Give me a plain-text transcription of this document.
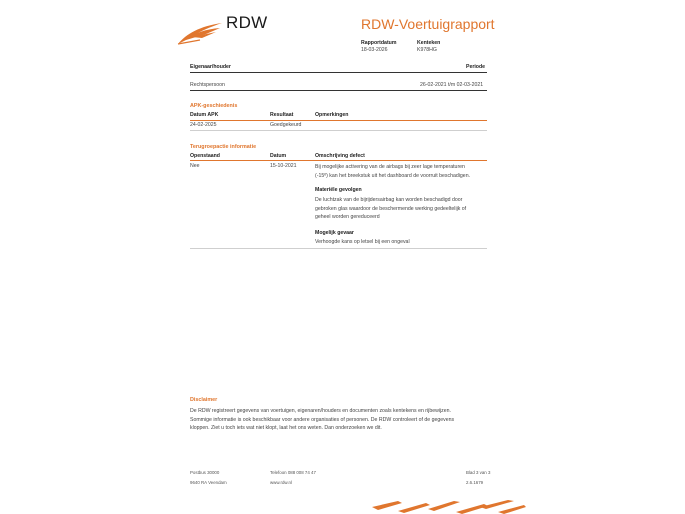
RDW	RDW-Voertuigrapport
Rapportdatum
18-03-2026
Kenteken
K978HG
Eigenaar/houder	Periode
Rechtspersoon	26-02-2021 t/m 02-03-2021
APK-geschiedenis
Datum APK	Resultaat	Opmerkingen
24-02-2025	Goedgekeurd
Terugroepactie informatie
Openstaand	Datum	Omschrijving defect
Nee	15-10-2021	Bij mogelijke activering van de airbags bij zeer lage temperaturen
(-15º) kan het breekstuk uit het dashboard de voorruit beschadigen.
Materiële gevolgen
De luchtzak van de bijrijdersairbag kan worden beschadigd door
gebroken glas waardoor de beschermende werking gedeeltelijk of
geheel worden gereduceerd
Mogelijk gevaar
Verhoogde kans op letsel bij een ongeval
Disclaimer
De RDW registreert gegevens van voertuigen, eigenaren/houders en documenten zoals kentekens en rijbewijzen.
Sommige informatie is ook beschikbaar voor andere organisaties of personen. De RDW controleert of de gegevens
kloppen. Ziet u toch iets wat niet klopt, laat het ons weten. Dan onderzoeken we dit.
Postbus 30000
9640 RA Veendam
Telefoon 088 008 74 47
www.rdw.nl
Blad 3 van 3
2.6.1679
